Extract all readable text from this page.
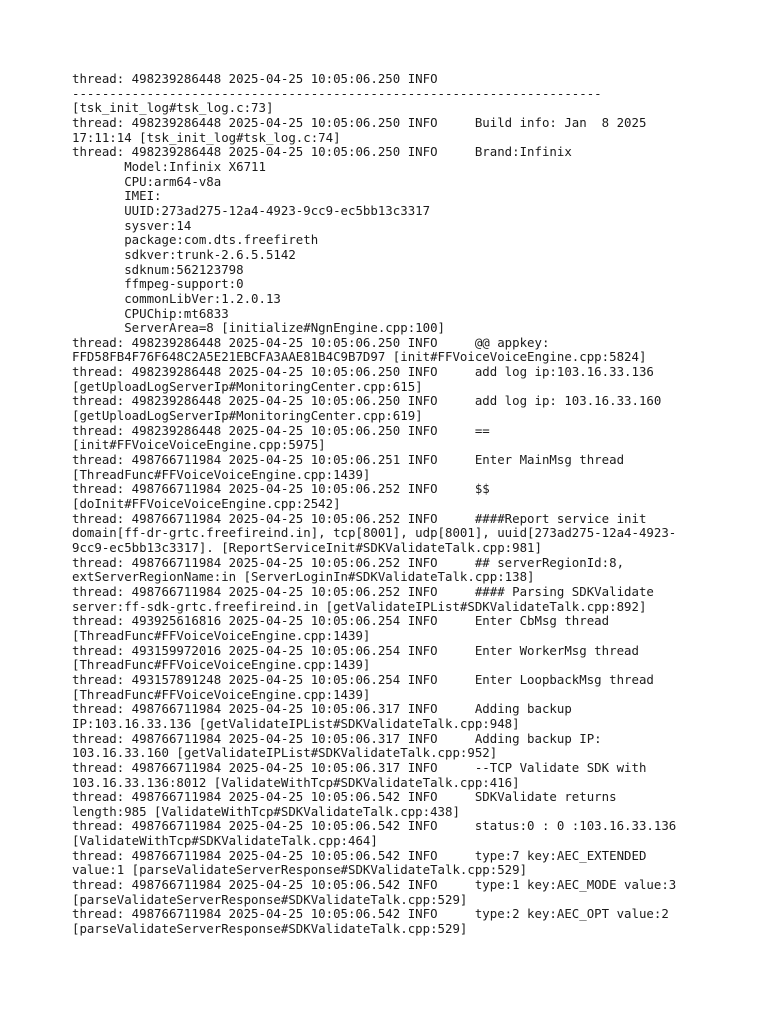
thread: 498239286448 2025-04-25 10:05:06.250 INFO
-----------------------------------------------------------------------
[tsk_init_log#tsk_log.c:73]
thread: 498239286448 2025-04-25 10:05:06.250 INFO     Build info: Jan  8 2025
17:11:14 [tsk_init_log#tsk_log.c:74]
thread: 498239286448 2025-04-25 10:05:06.250 INFO     Brand:Infinix
Model:Infinix X6711
CPU:arm64-v8a
IMEI:
UUID:273ad275-12a4-4923-9cc9-ec5bb13c3317
sysver:14
package:com.dts.freefireth
sdkver:trunk-2.6.5.5142
sdknum:562123798
ffmpeg-support:0
commonLibVer:1.2.0.13
CPUChip:mt6833
ServerArea=8 [initialize#NgnEngine.cpp:100]
thread: 498239286448 2025-04-25 10:05:06.250 INFO     @@ appkey:
FFD58FB4F76F648C2A5E21EBCFA3AAE81B4C9B7D97 [init#FFVoiceVoiceEngine.cpp:5824]
thread: 498239286448 2025-04-25 10:05:06.250 INFO     add log ip:103.16.33.136
[getUploadLogServerIp#MonitoringCenter.cpp:615]
thread: 498239286448 2025-04-25 10:05:06.250 INFO     add log ip: 103.16.33.160
[getUploadLogServerIp#MonitoringCenter.cpp:619]
thread: 498239286448 2025-04-25 10:05:06.250 INFO     ==
[init#FFVoiceVoiceEngine.cpp:5975]
thread: 498766711984 2025-04-25 10:05:06.251 INFO     Enter MainMsg thread
[ThreadFunc#FFVoiceVoiceEngine.cpp:1439]
thread: 498766711984 2025-04-25 10:05:06.252 INFO     $$
[doInit#FFVoiceVoiceEngine.cpp:2542]
thread: 498766711984 2025-04-25 10:05:06.252 INFO     ####Report service init
domain[ff-dr-grtc.freefireind.in], tcp[8001], udp[8001], uuid[273ad275-12a4-4923-
9cc9-ec5bb13c3317]. [ReportServiceInit#SDKValidateTalk.cpp:981]
thread: 498766711984 2025-04-25 10:05:06.252 INFO     ## serverRegionId:8,
extServerRegionName:in [ServerLoginIn#SDKValidateTalk.cpp:138]
thread: 498766711984 2025-04-25 10:05:06.252 INFO     #### Parsing SDKValidate
server:ff-sdk-grtc.freefireind.in [getValidateIPList#SDKValidateTalk.cpp:892]
thread: 493925616816 2025-04-25 10:05:06.254 INFO     Enter CbMsg thread
[ThreadFunc#FFVoiceVoiceEngine.cpp:1439]
thread: 493159972016 2025-04-25 10:05:06.254 INFO     Enter WorkerMsg thread
[ThreadFunc#FFVoiceVoiceEngine.cpp:1439]
thread: 493157891248 2025-04-25 10:05:06.254 INFO     Enter LoopbackMsg thread
[ThreadFunc#FFVoiceVoiceEngine.cpp:1439]
thread: 498766711984 2025-04-25 10:05:06.317 INFO     Adding backup
IP:103.16.33.136 [getValidateIPList#SDKValidateTalk.cpp:948]
thread: 498766711984 2025-04-25 10:05:06.317 INFO     Adding backup IP:
103.16.33.160 [getValidateIPList#SDKValidateTalk.cpp:952]
thread: 498766711984 2025-04-25 10:05:06.317 INFO     --TCP Validate SDK with
103.16.33.136:8012 [ValidateWithTcp#SDKValidateTalk.cpp:416]
thread: 498766711984 2025-04-25 10:05:06.542 INFO     SDKValidate returns
length:985 [ValidateWithTcp#SDKValidateTalk.cpp:438]
thread: 498766711984 2025-04-25 10:05:06.542 INFO     status:0 : 0 :103.16.33.136
[ValidateWithTcp#SDKValidateTalk.cpp:464]
thread: 498766711984 2025-04-25 10:05:06.542 INFO     type:7 key:AEC_EXTENDED
value:1 [parseValidateServerResponse#SDKValidateTalk.cpp:529]
thread: 498766711984 2025-04-25 10:05:06.542 INFO     type:1 key:AEC_MODE value:3
[parseValidateServerResponse#SDKValidateTalk.cpp:529]
thread: 498766711984 2025-04-25 10:05:06.542 INFO     type:2 key:AEC_OPT value:2
[parseValidateServerResponse#SDKValidateTalk.cpp:529]
